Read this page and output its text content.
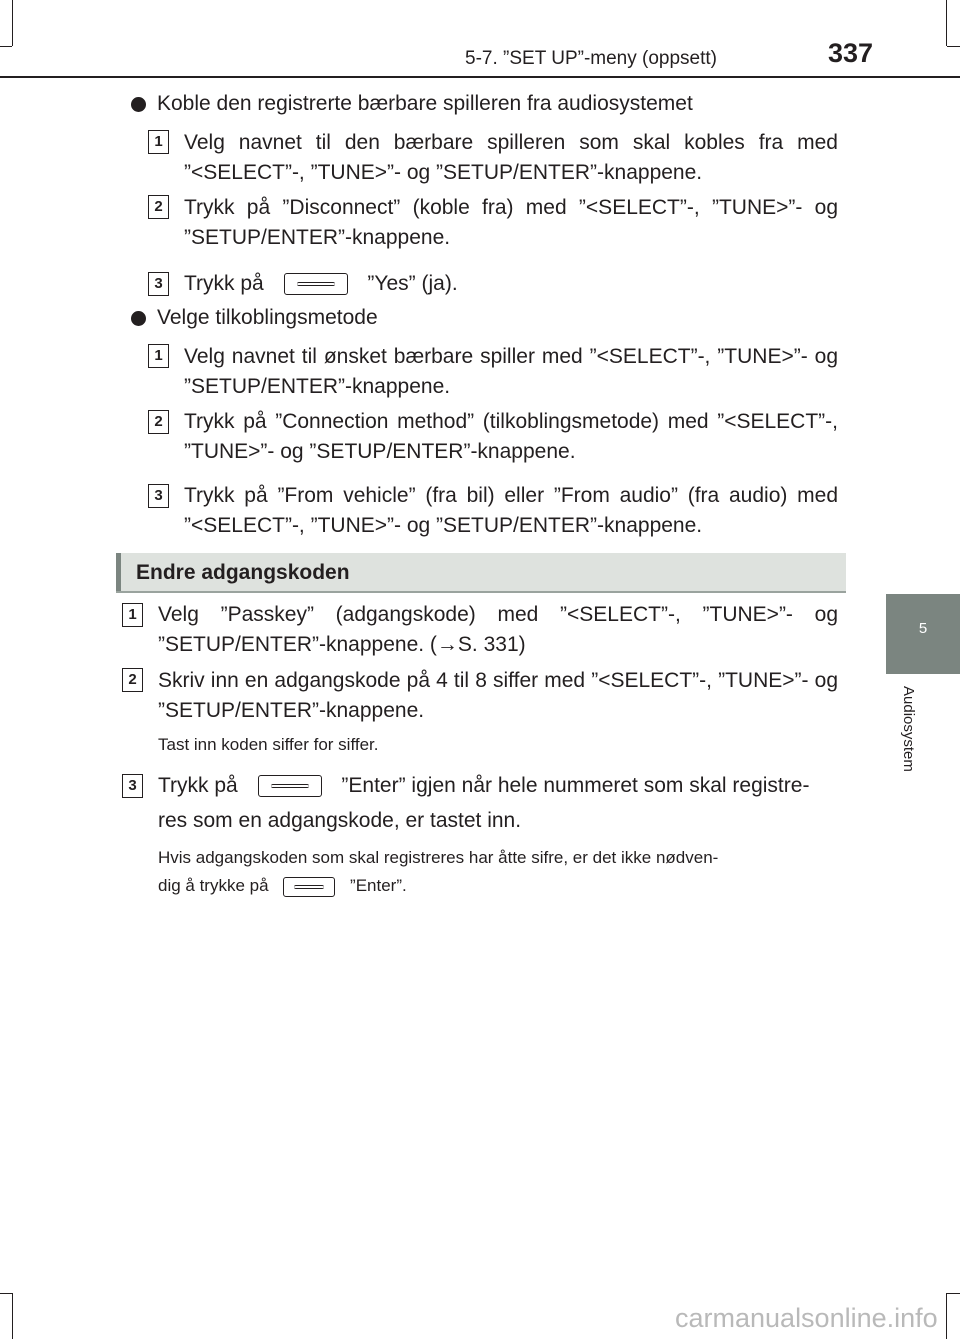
5-7. ”SET UP”-meny (oppsett)	337
5
Audiosystem
Koble den registrerte bærbare spilleren fra audiosystemet
1	Velg navnet til den bærbare spilleren som skal kobles fra med ”<SELECT”-, ”TUNE>”- og ”SETUP/ENTER”-knappene.
2	Trykk på ”Disconnect” (koble fra) med ”<SELECT”-, ”TUNE>”- og ”SETUP/ENTER”-knappene.
3	Trykk på	”Yes” (ja).
Velge tilkoblingsmetode
1	Velg navnet til ønsket bærbare spiller med ”<SELECT”-, ”TUNE>”- og ”SETUP/ENTER”-knappene.
2	Trykk på ”Connection method” (tilkoblingsmetode) med ”<SELECT”-, ”TUNE>”- og ”SETUP/ENTER”-knappene.
3	Trykk på ”From vehicle” (fra bil) eller ”From audio” (fra audio) med ”<SELECT”-, ”TUNE>”- og ”SETUP/ENTER”-knappene.
Endre adgangskoden
1	Velg ”Passkey” (adgangskode) med ”<SELECT”-, ”TUNE>”- og ”SETUP/ENTER”-knappene. (→S. 331)
2	Skriv inn en adgangskode på 4 til 8 siffer med ”<SELECT”-, ”TUNE>”- og ”SETUP/ENTER”-knappene.
Tast inn koden siffer for siffer.
3	Trykk på	”Enter” igjen når hele nummeret som skal registre-
res som en adgangskode, er tastet inn.
Hvis adgangskoden som skal registreres har åtte sifre, er det ikke nødven-
dig å trykke på	”Enter”.
carmanualsonline.info
